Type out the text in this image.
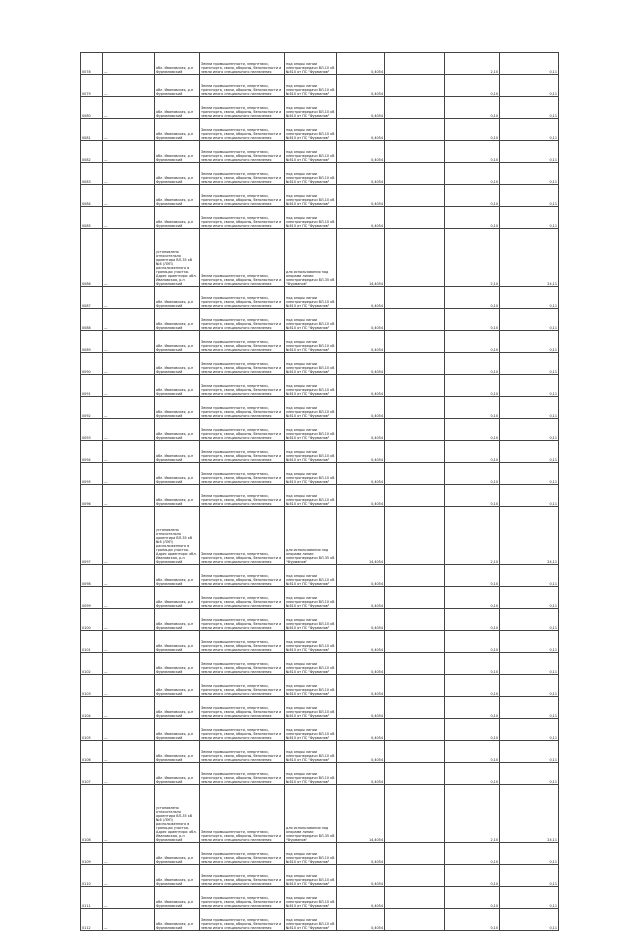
0078	—	обл. Ивановская, р-н Фурмановский	Земли промышленности, энергетики, транспорта, связи, обороны, безопасности и земли иного специального назначения	под опоры линии электропередачи ВЛ-10 кВ №610 от ПС "Фурманов"	0,4054		2,10	0,11
0079	—	обл. Ивановская, р-н Фурмановский	Земли промышленности, энергетики, транспорта, связи, обороны, безопасности и земли иного специального назначения	под опоры линии электропередачи ВЛ-10 кВ №610 от ПС "Фурманов"	0,4054		0,10	0,11
0080	—	обл. Ивановская, р-н Фурмановский	Земли промышленности, энергетики, транспорта, связи, обороны, безопасности и земли иного специального назначения	под опоры линии электропередачи ВЛ-10 кВ №610 от ПС "Фурманов"	0,4054		0,10	0,11
0081	—	обл. Ивановская, р-н Фурмановский	Земли промышленности, энергетики, транспорта, связи, обороны, безопасности и земли иного специального назначения	под опоры линии электропередачи ВЛ-10 кВ №610 от ПС "Фурманов"	0,4054		0,10	0,11
0082	—	обл. Ивановская, р-н Фурмановский	Земли промышленности, энергетики, транспорта, связи, обороны, безопасности и земли иного специального назначения	под опоры линии электропередачи ВЛ-10 кВ №610 от ПС "Фурманов"	0,4054		0,10	0,11
0083	—	обл. Ивановская, р-н Фурмановский	Земли промышленности, энергетики, транспорта, связи, обороны, безопасности и земли иного специального назначения	под опоры линии электропередачи ВЛ-10 кВ №610 от ПС "Фурманов"	0,4054		0,10	0,11
0084	—	обл. Ивановская, р-н Фурмановский	Земли промышленности, энергетики, транспорта, связи, обороны, безопасности и земли иного специального назначения	под опоры линии электропередачи ВЛ-10 кВ №610 от ПС "Фурманов"	0,4054		0,10	0,11
0085	—	обл. Ивановская, р-н Фурмановский	Земли промышленности, энергетики, транспорта, связи, обороны, безопасности и земли иного специального назначения	под опоры линии электропередачи ВЛ-10 кВ №610 от ПС "Фурманов"	0,4054		0,10	0,11
0086	—	установлено относительно ориентира ВЛ-35 кВ №6 (ЛЭП) расположенного в границах участка. Адрес ориентира: обл. Ивановская, р-н Фурмановский	Земли промышленности, энергетики, транспорта, связи, обороны, безопасности и земли иного специального назначения	для использования под опорами линии электропередачи ВЛ-35 кВ "Фурманов"	14,4054		2,10	24,11
0087	—	обл. Ивановская, р-н Фурмановский	Земли промышленности, энергетики, транспорта, связи, обороны, безопасности и земли иного специального назначения	под опоры линии электропередачи ВЛ-10 кВ №610 от ПС "Фурманов"	0,4054		0,10	0,11
0088	—	обл. Ивановская, р-н Фурмановский	Земли промышленности, энергетики, транспорта, связи, обороны, безопасности и земли иного специального назначения	под опоры линии электропередачи ВЛ-10 кВ №610 от ПС "Фурманов"	0,4054		0,10	0,11
0089	—	обл. Ивановская, р-н Фурмановский	Земли промышленности, энергетики, транспорта, связи, обороны, безопасности и земли иного специального назначения	под опоры линии электропередачи ВЛ-10 кВ №610 от ПС "Фурманов"	0,4054		0,10	0,11
0090	—	обл. Ивановская, р-н Фурмановский	Земли промышленности, энергетики, транспорта, связи, обороны, безопасности и земли иного специального назначения	под опоры линии электропередачи ВЛ-10 кВ №610 от ПС "Фурманов"	0,4054		0,10	0,11
0091	—	обл. Ивановская, р-н Фурмановский	Земли промышленности, энергетики, транспорта, связи, обороны, безопасности и земли иного специального назначения	под опоры линии электропередачи ВЛ-10 кВ №610 от ПС "Фурманов"	0,4054		0,10	0,11
0092	—	обл. Ивановская, р-н Фурмановский	Земли промышленности, энергетики, транспорта, связи, обороны, безопасности и земли иного специального назначения	под опоры линии электропередачи ВЛ-10 кВ №610 от ПС "Фурманов"	0,4054		0,10	0,11
0093	—	обл. Ивановская, р-н Фурмановский	Земли промышленности, энергетики, транспорта, связи, обороны, безопасности и земли иного специального назначения	под опоры линии электропередачи ВЛ-10 кВ №610 от ПС "Фурманов"	0,4054		0,10	0,11
0094	—	обл. Ивановская, р-н Фурмановский	Земли промышленности, энергетики, транспорта, связи, обороны, безопасности и земли иного специального назначения	под опоры линии электропередачи ВЛ-10 кВ №610 от ПС "Фурманов"	0,4054		0,10	0,11
0095	—	обл. Ивановская, р-н Фурмановский	Земли промышленности, энергетики, транспорта, связи, обороны, безопасности и земли иного специального назначения	под опоры линии электропередачи ВЛ-10 кВ №610 от ПС "Фурманов"	0,4054		0,10	0,11
0096	—	обл. Ивановская, р-н Фурмановский	Земли промышленности, энергетики, транспорта, связи, обороны, безопасности и земли иного специального назначения	под опоры линии электропередачи ВЛ-10 кВ №610 от ПС "Фурманов"	0,4054		0,10	0,11
0097	—	установлено относительно ориентира ВЛ-35 кВ №6 (ЛЭП) расположенного в границах участка. Адрес ориентира: обл. Ивановская, р-н Фурмановский	Земли промышленности, энергетики, транспорта, связи, обороны, безопасности и земли иного специального назначения	для использования под опорами линии электропередачи ВЛ-35 кВ "Фурманов"	14,4054		2,10	24,11
0098	—	обл. Ивановская, р-н Фурмановский	Земли промышленности, энергетики, транспорта, связи, обороны, безопасности и земли иного специального назначения	под опоры линии электропередачи ВЛ-10 кВ №610 от ПС "Фурманов"	0,4054		0,10	0,11
0099	—	обл. Ивановская, р-н Фурмановский	Земли промышленности, энергетики, транспорта, связи, обороны, безопасности и земли иного специального назначения	под опоры линии электропередачи ВЛ-10 кВ №610 от ПС "Фурманов"	0,4054		0,10	0,11
0100	—	обл. Ивановская, р-н Фурмановский	Земли промышленности, энергетики, транспорта, связи, обороны, безопасности и земли иного специального назначения	под опоры линии электропередачи ВЛ-10 кВ №610 от ПС "Фурманов"	0,4054		0,10	0,11
0101	—	обл. Ивановская, р-н Фурмановский	Земли промышленности, энергетики, транспорта, связи, обороны, безопасности и земли иного специального назначения	под опоры линии электропередачи ВЛ-10 кВ №610 от ПС "Фурманов"	0,4054		0,10	0,11
0102	—	обл. Ивановская, р-н Фурмановский	Земли промышленности, энергетики, транспорта, связи, обороны, безопасности и земли иного специального назначения	под опоры линии электропередачи ВЛ-10 кВ №610 от ПС "Фурманов"	0,4054		0,10	0,11
0103	—	обл. Ивановская, р-н Фурмановский	Земли промышленности, энергетики, транспорта, связи, обороны, безопасности и земли иного специального назначения	под опоры линии электропередачи ВЛ-10 кВ №610 от ПС "Фурманов"	0,4054		0,10	0,11
0104	—	обл. Ивановская, р-н Фурмановский	Земли промышленности, энергетики, транспорта, связи, обороны, безопасности и земли иного специального назначения	под опоры линии электропередачи ВЛ-10 кВ №610 от ПС "Фурманов"	0,4054		0,10	0,11
0105	—	обл. Ивановская, р-н Фурмановский	Земли промышленности, энергетики, транспорта, связи, обороны, безопасности и земли иного специального назначения	под опоры линии электропередачи ВЛ-10 кВ №610 от ПС "Фурманов"	0,4054		0,10	0,11
0106	—	обл. Ивановская, р-н Фурмановский	Земли промышленности, энергетики, транспорта, связи, обороны, безопасности и земли иного специального назначения	под опоры линии электропередачи ВЛ-10 кВ №610 от ПС "Фурманов"	0,4054		0,10	0,11
0107	—	обл. Ивановская, р-н Фурмановский	Земли промышленности, энергетики, транспорта, связи, обороны, безопасности и земли иного специального назначения	под опоры линии электропередачи ВЛ-10 кВ №610 от ПС "Фурманов"	0,4054		0,10	0,11
0108	—	установлено относительно ориентира ВЛ-35 кВ №6 (ЛЭП) расположенного в границах участка. Адрес ориентира: обл. Ивановская, р-н Фурмановский	Земли промышленности, энергетики, транспорта, связи, обороны, безопасности и земли иного специального назначения	для использования под опорами линии электропередачи ВЛ-35 кВ "Фурманов"	14,4054		2,10	24,11
0109	—	обл. Ивановская, р-н Фурмановский	Земли промышленности, энергетики, транспорта, связи, обороны, безопасности и земли иного специального назначения	под опоры линии электропередачи ВЛ-10 кВ №610 от ПС "Фурманов"	0,4054		0,10	0,11
0110	—	обл. Ивановская, р-н Фурмановский	Земли промышленности, энергетики, транспорта, связи, обороны, безопасности и земли иного специального назначения	под опоры линии электропередачи ВЛ-10 кВ №610 от ПС "Фурманов"	0,4054		0,10	0,11
0111	—	обл. Ивановская, р-н Фурмановский	Земли промышленности, энергетики, транспорта, связи, обороны, безопасности и земли иного специального назначения	под опоры линии электропередачи ВЛ-10 кВ №610 от ПС "Фурманов"	0,4054		0,10	0,11
0112	—	обл. Ивановская, р-н Фурмановский	Земли промышленности, энергетики, транспорта, связи, обороны, безопасности и земли иного специального назначения	под опоры линии электропередачи ВЛ-10 кВ №610 от ПС "Фурманов"	0,4054		0,10	0,11
